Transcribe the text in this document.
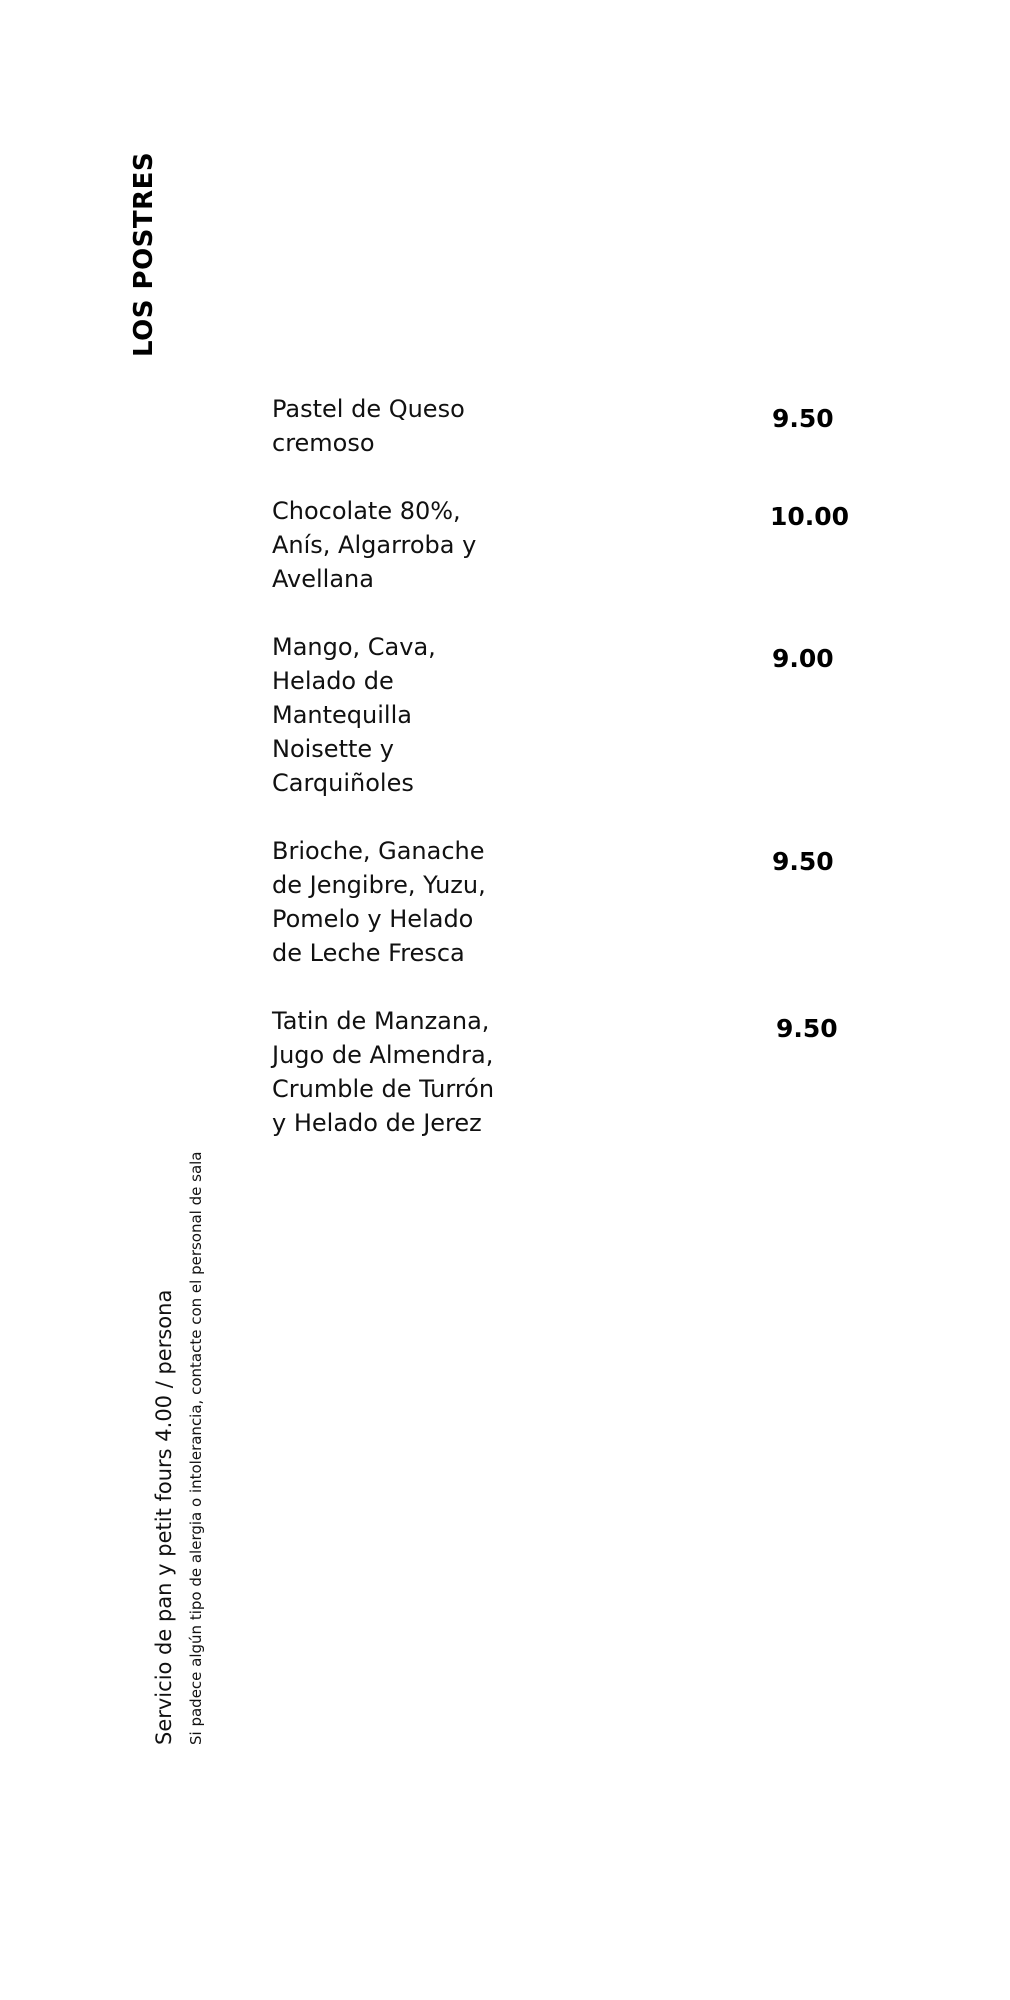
LOS POSTRES
Pastel de Queso
cremoso
9.50
Chocolate 80%,
Anís, Algarroba y
Avellana
10.00
Mango, Cava,
Helado de
Mantequilla
Noisette y
Carquiñoles
9.00
Brioche, Ganache
de Jengibre, Yuzu,
Pomelo y Helado
de Leche Fresca
9.50
Tatin de Manzana,
Jugo de Almendra,
Crumble de Turrón
y Helado de Jerez
9.50
Servicio de pan y petit fours 4.00 / persona Si padece algún tipo de alergia o intolerancia, contacte con el personal de sala
